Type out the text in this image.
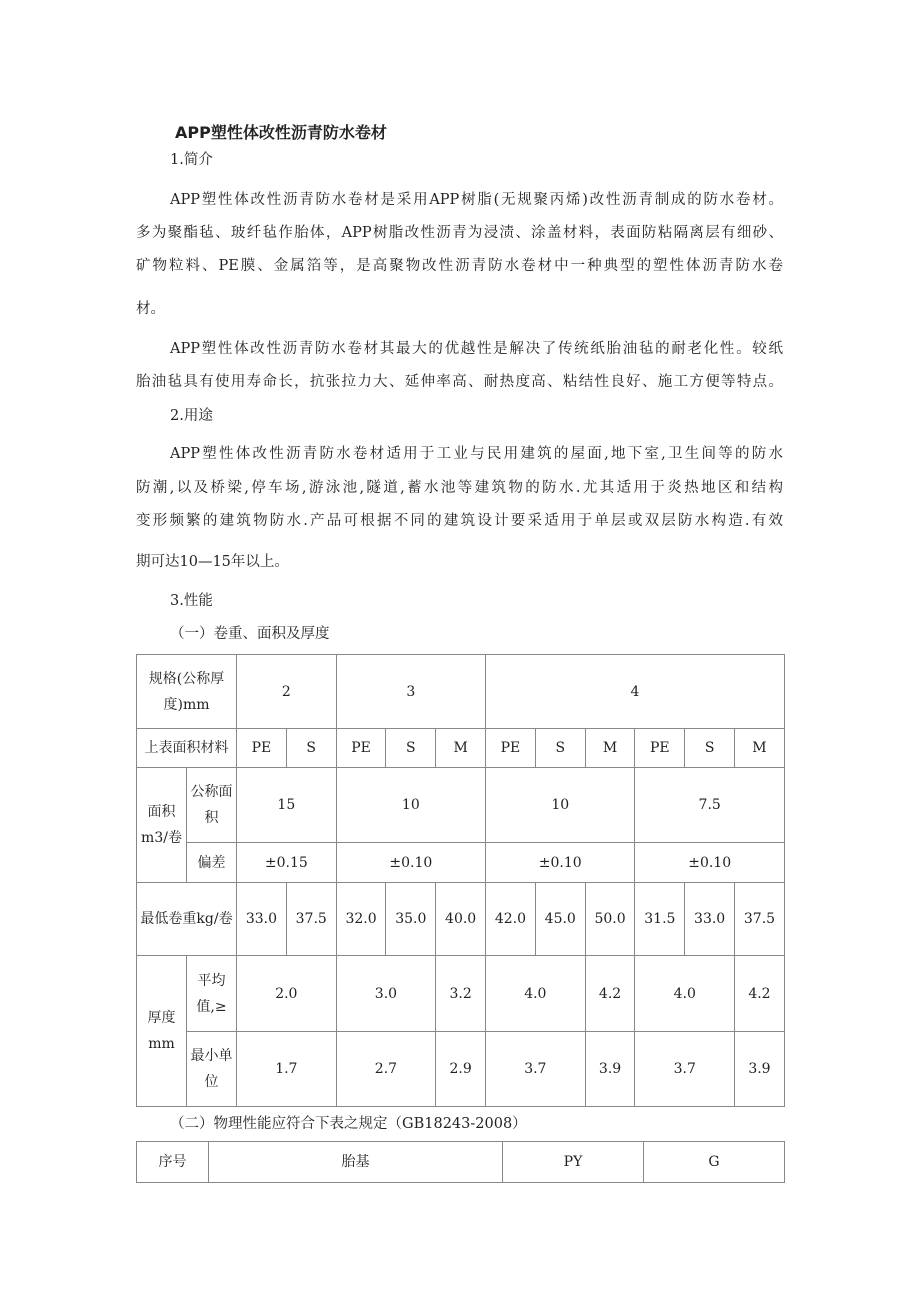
APP塑性体改性沥青防水卷材
1.简介
APP塑性体改性沥青防水卷材是采用APP树脂(无规聚丙烯)改性沥青制成的防水卷材。
多为聚酯毡、玻纤毡作胎体，APP树脂改性沥青为浸渍、涂盖材料，表面防粘隔离层有细砂、
矿物粒料、PE膜、金属箔等，是高聚物改性沥青防水卷材中一种典型的塑性体沥青防水卷
材。
APP塑性体改性沥青防水卷材其最大的优越性是解决了传统纸胎油毡的耐老化性。较纸
胎油毡具有使用寿命长，抗张拉力大、延伸率高、耐热度高、粘结性良好、施工方便等特点。
2.用途
APP塑性体改性沥青防水卷材适用于工业与民用建筑的屋面,地下室,卫生间等的防水
防潮,以及桥梁,停车场,游泳池,隧道,蓄水池等建筑物的防水.尤其适用于炎热地区和结构
变形频繁的建筑物防水.产品可根据不同的建筑设计要采适用于单层或双层防水构造.有效
期可达10—15年以上。
3.性能
（一）卷重、面积及厚度
规格(公称厚度)mm		2		3			4					
上表面积材料		PE	S	PE	S	M	PE	S	M	PE	S	M
面积m3/卷	公称面积	15		10			10			7.5		
	偏差	±0.15		±0.10			±0.10			±0.10		
最低卷重kg/卷		33.0	37.5	32.0	35.0	40.0	42.0	45.0	50.0	31.5	33.0	37.5
厚度mm	平均值,≥	2.0		3.0		3.2	4.0		4.2	4.0		4.2
	最小单位	1.7		2.7		2.9	3.7		3.9	3.7		3.9
（二）物理性能应符合下表之规定（GB18243-2008）
序号	胎基	PY	G
